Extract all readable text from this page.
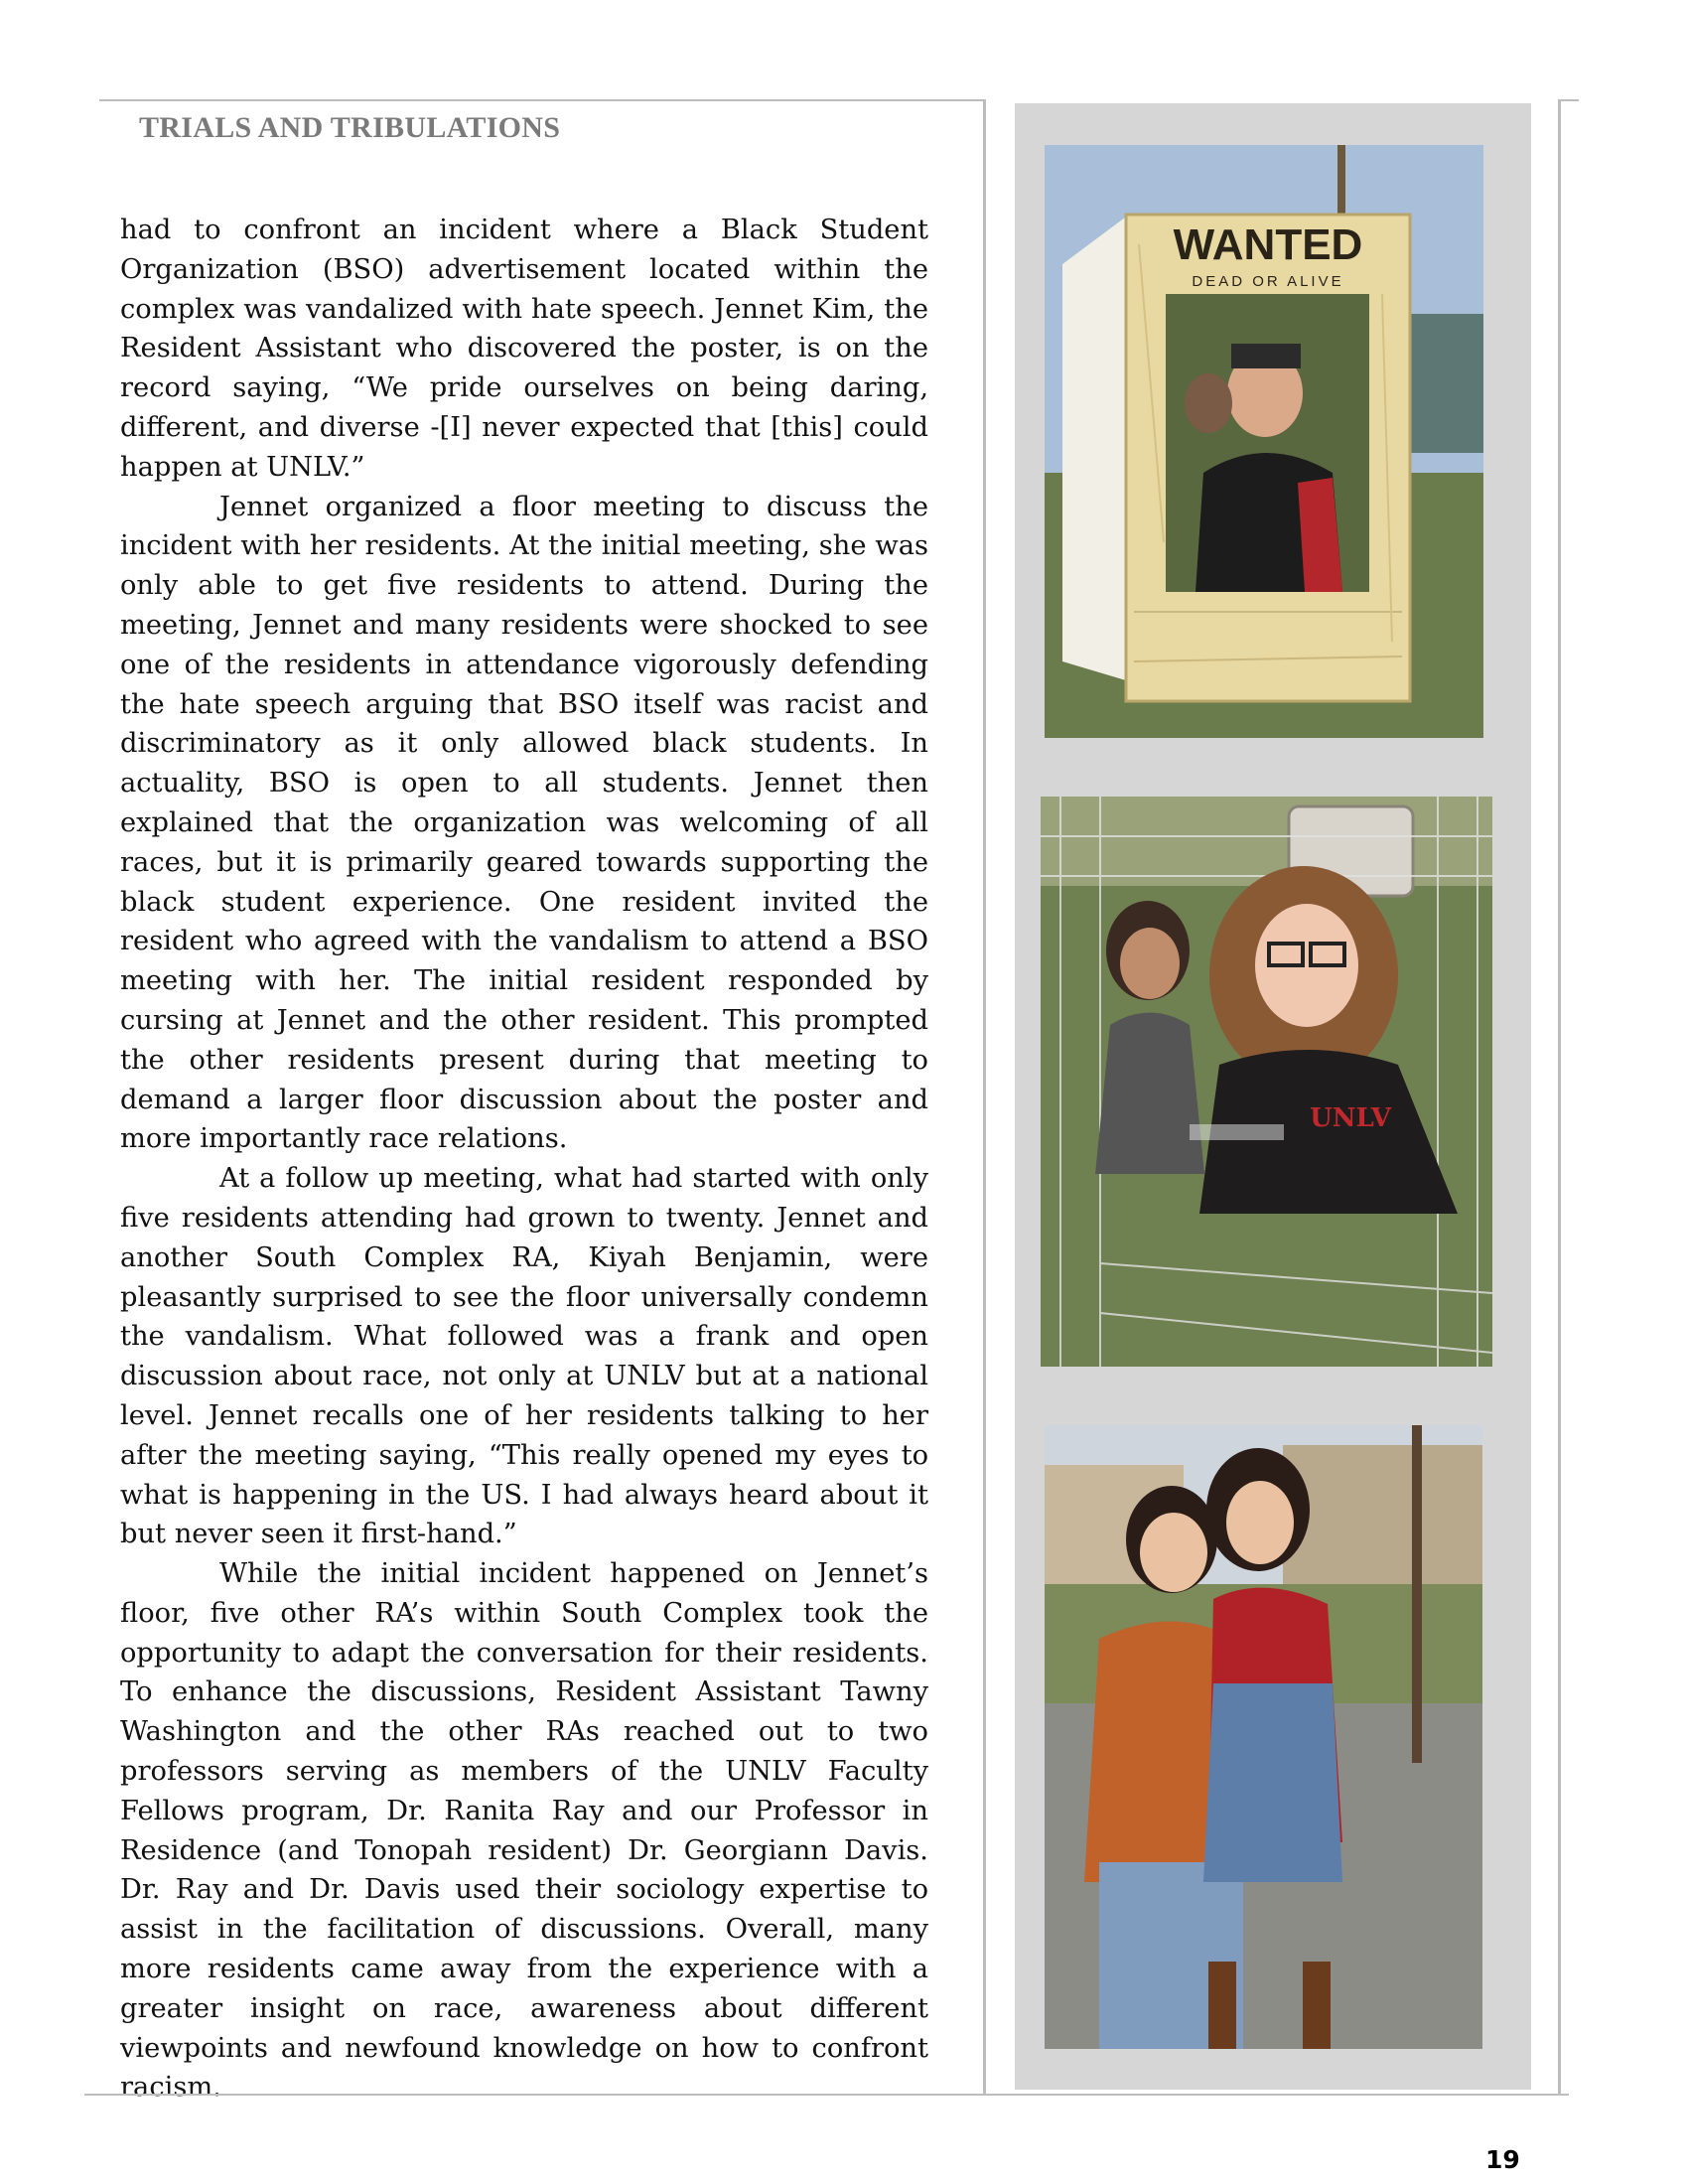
TRIALS AND TRIBULATIONS

had to confront an incident where a Black Student Organization (BSO) advertisement located within the complex was vandalized with hate speech. Jennet Kim, the Resident Assistant who discovered the poster, is on the record saying, “We pride ourselves on being daring, different, and diverse -[I] never expected that [this] could happen at UNLV.”

Jennet organized a floor meeting to discuss the incident with her residents. At the initial meeting, she was only able to get five residents to attend. During the meeting, Jennet and many residents were shocked to see one of the residents in attendance vigorously defending the hate speech arguing that BSO itself was racist and discriminatory as it only allowed black students. In actuality, BSO is open to all students. Jennet then explained that the organization was welcoming of all races, but it is primarily geared towards supporting the black student experience. One resident invited the resident who agreed with the vandalism to attend a BSO meeting with her. The initial resident responded by cursing at Jennet and the other resident. This prompted the other residents present during that meeting to demand a larger floor discussion about the poster and more importantly race relations.

At a follow up meeting, what had started with only five residents attending had grown to twenty. Jennet and another South Complex RA, Kiyah Benjamin, were pleasantly surprised to see the floor universally condemn the vandalism. What followed was a frank and open discussion about race, not only at UNLV but at a national level. Jennet recalls one of her residents talking to her after the meeting saying, “This really opened my eyes to what is happening in the US. I had always heard about it but never seen it first-hand.”

While the initial incident happened on Jennet’s floor, five other RA’s within South Complex took the opportunity to adapt the conversation for their residents. To enhance the discussions, Resident Assistant Tawny Washington and the other RAs reached out to two professors serving as members of the UNLV Faculty Fellows program, Dr. Ranita Ray and our Professor in Residence (and Tonopah resident) Dr. Georgiann Davis. Dr. Ray and Dr. Davis used their sociology expertise to assist in the facilitation of discussions. Overall, many more residents came away from the experience with a greater insight on race, awareness about different viewpoints and newfound knowledge on how to confront racism.

WANTED
DEAD OR ALIVE
UNLV
19
